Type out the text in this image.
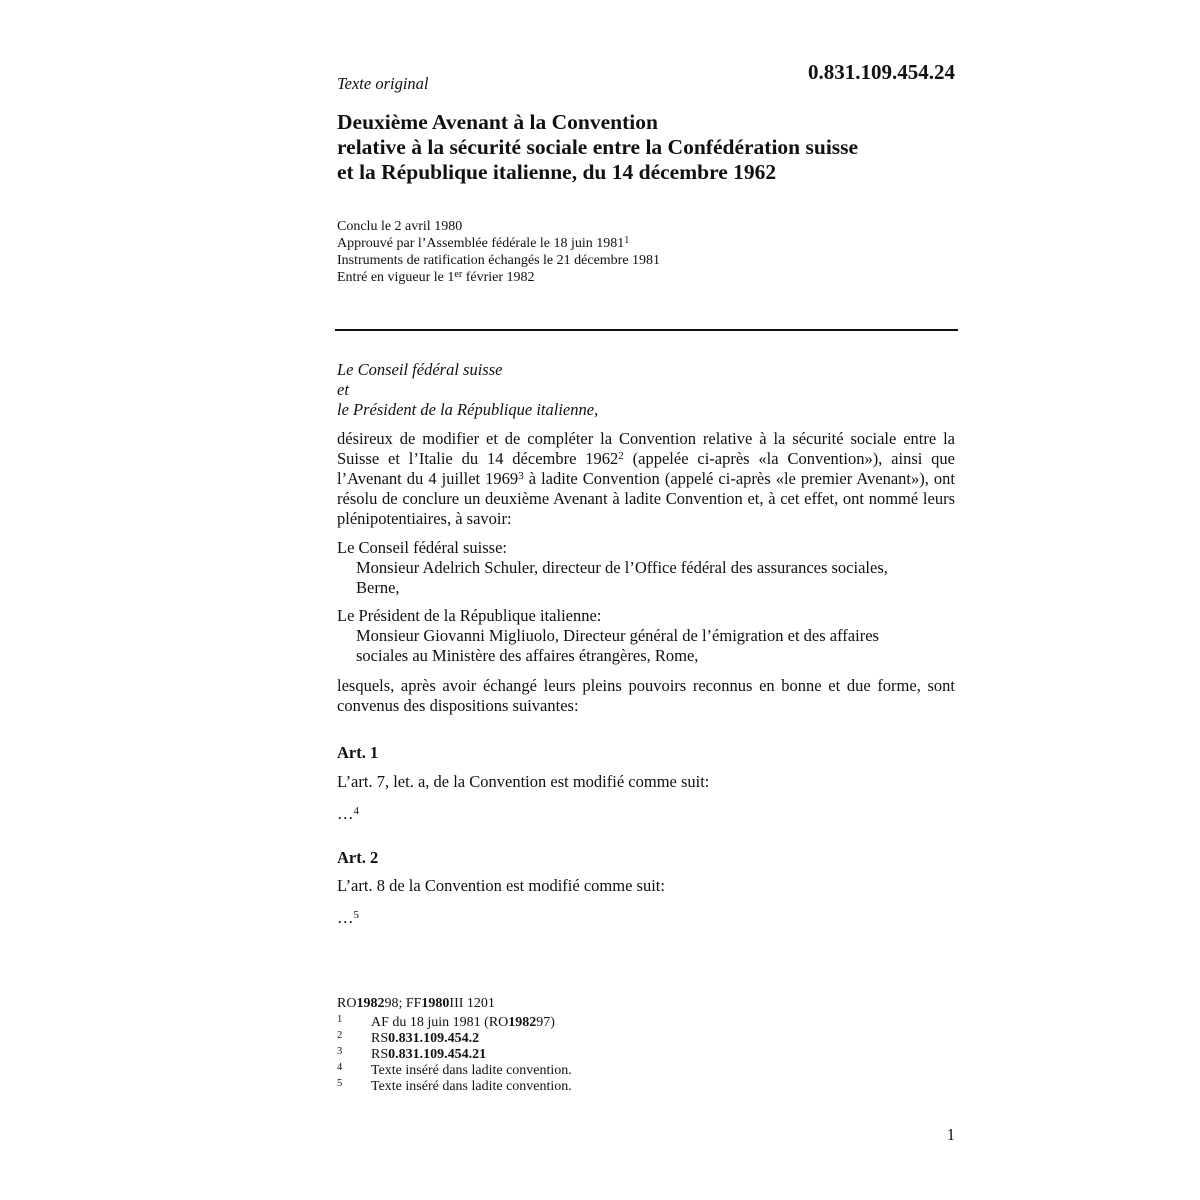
Texte original	0.831.109.454.24
Deuxième Avenant à la Convention
relative à la sécurité sociale entre la Confédération suisse
et la République italienne, du 14 décembre 1962
Conclu le 2 avril 1980
Approuvé par l’Assemblée fédérale le 18 juin 1981$^1$
Instruments de ratification échangés le 21 décembre 1981
Entré en vigueur le 1er février 1982
Le Conseil fédéral suisse
et
le Président de la République italienne,
désireux de modifier et de compléter la Convention relative à la sécurité sociale entre la Suisse et l’Italie du 14 décembre 1962$^2$ (appelée ci-après «la Convention»), ainsi que l’Avenant du 4 juillet 1969$^3$ à ladite Convention (appelé ci-après «le premier Avenant»), ont résolu de conclure un deuxième Avenant à ladite Convention et, à cet effet, ont nommé leurs plénipotentiaires, à savoir:
Le Conseil fédéral suisse:
Monsieur Adelrich Schuler, directeur de l’Office fédéral des assurances sociales,
Berne,
Le Président de la République italienne:
Monsieur Giovanni Migliuolo, Directeur général de l’émigration et des affaires
sociales au Ministère des affaires étrangères, Rome,
lesquels, après avoir échangé leurs pleins pouvoirs reconnus en bonne et due forme, sont convenus des dispositions suivantes:
Art. 1
L’art. 7, let. a, de la Convention est modifié comme suit:
…$^4$
Art. 2
L’art. 8 de la Convention est modifié comme suit:
…$^5$
RO 1982 98; FF 1980 III 1201
1	AF du 18 juin 1981 (RO 1982 97)
2	RS 0.831.109.454.2
3	RS 0.831.109.454.21
4	Texte inséré dans ladite convention.
5	Texte inséré dans ladite convention.
1
